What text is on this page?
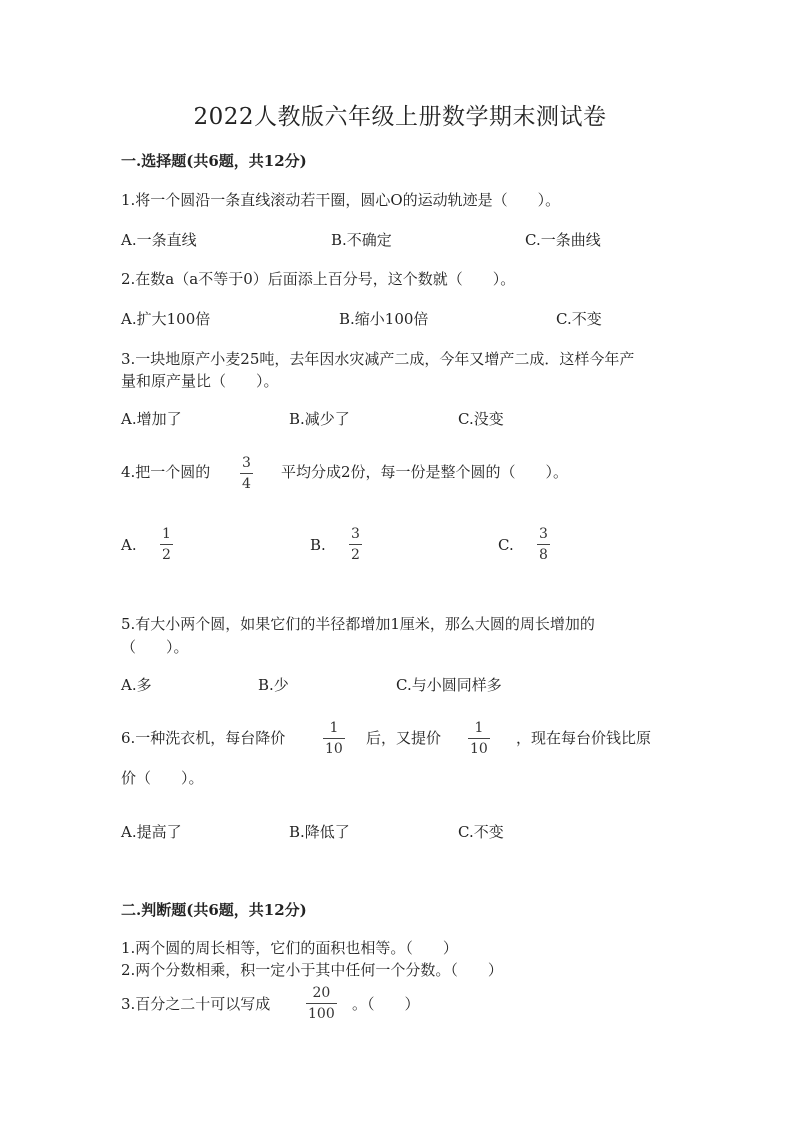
2022人教版六年级上册数学期末测试卷
一.选择题(共6题，共12分)
1.将一个圆沿一条直线滚动若干圈，圆心O的运动轨迹是（　　）。
A.一条直线	B.不确定	C.一条曲线
2.在数a（a不等于0）后面添上百分号，这个数就（　　）。
A.扩大100倍	B.缩小100倍	C.不变
3.一块地原产小麦25吨，去年因水灾减产二成，今年又增产二成．这样今年产
量和原产量比（　　）。
A.增加了	B.减少了	C.没变
4.把一个圆的 3
4
平均分成2份，每一份是整个圆的（　　）。
A.
1
2
B.
3
2
C.
3
8
5.有大小两个圆，如果它们的半径都增加1厘米，那么大圆的周长增加的
（　　）。
A.多	B.少	C.与小圆同样多
6.一种洗衣机，每台降价
1
10
后，又提价
1
10
，现在每台价钱比原
价（　　）。
A.提高了	B.降低了	C.不变
二.判断题(共6题，共12分)
1.两个圆的周长相等，它们的面积也相等。（　　）
2.两个分数相乘，积一定小于其中任何一个分数。（　　）
3.百分之二十可以写成
20
100
。（　　）
